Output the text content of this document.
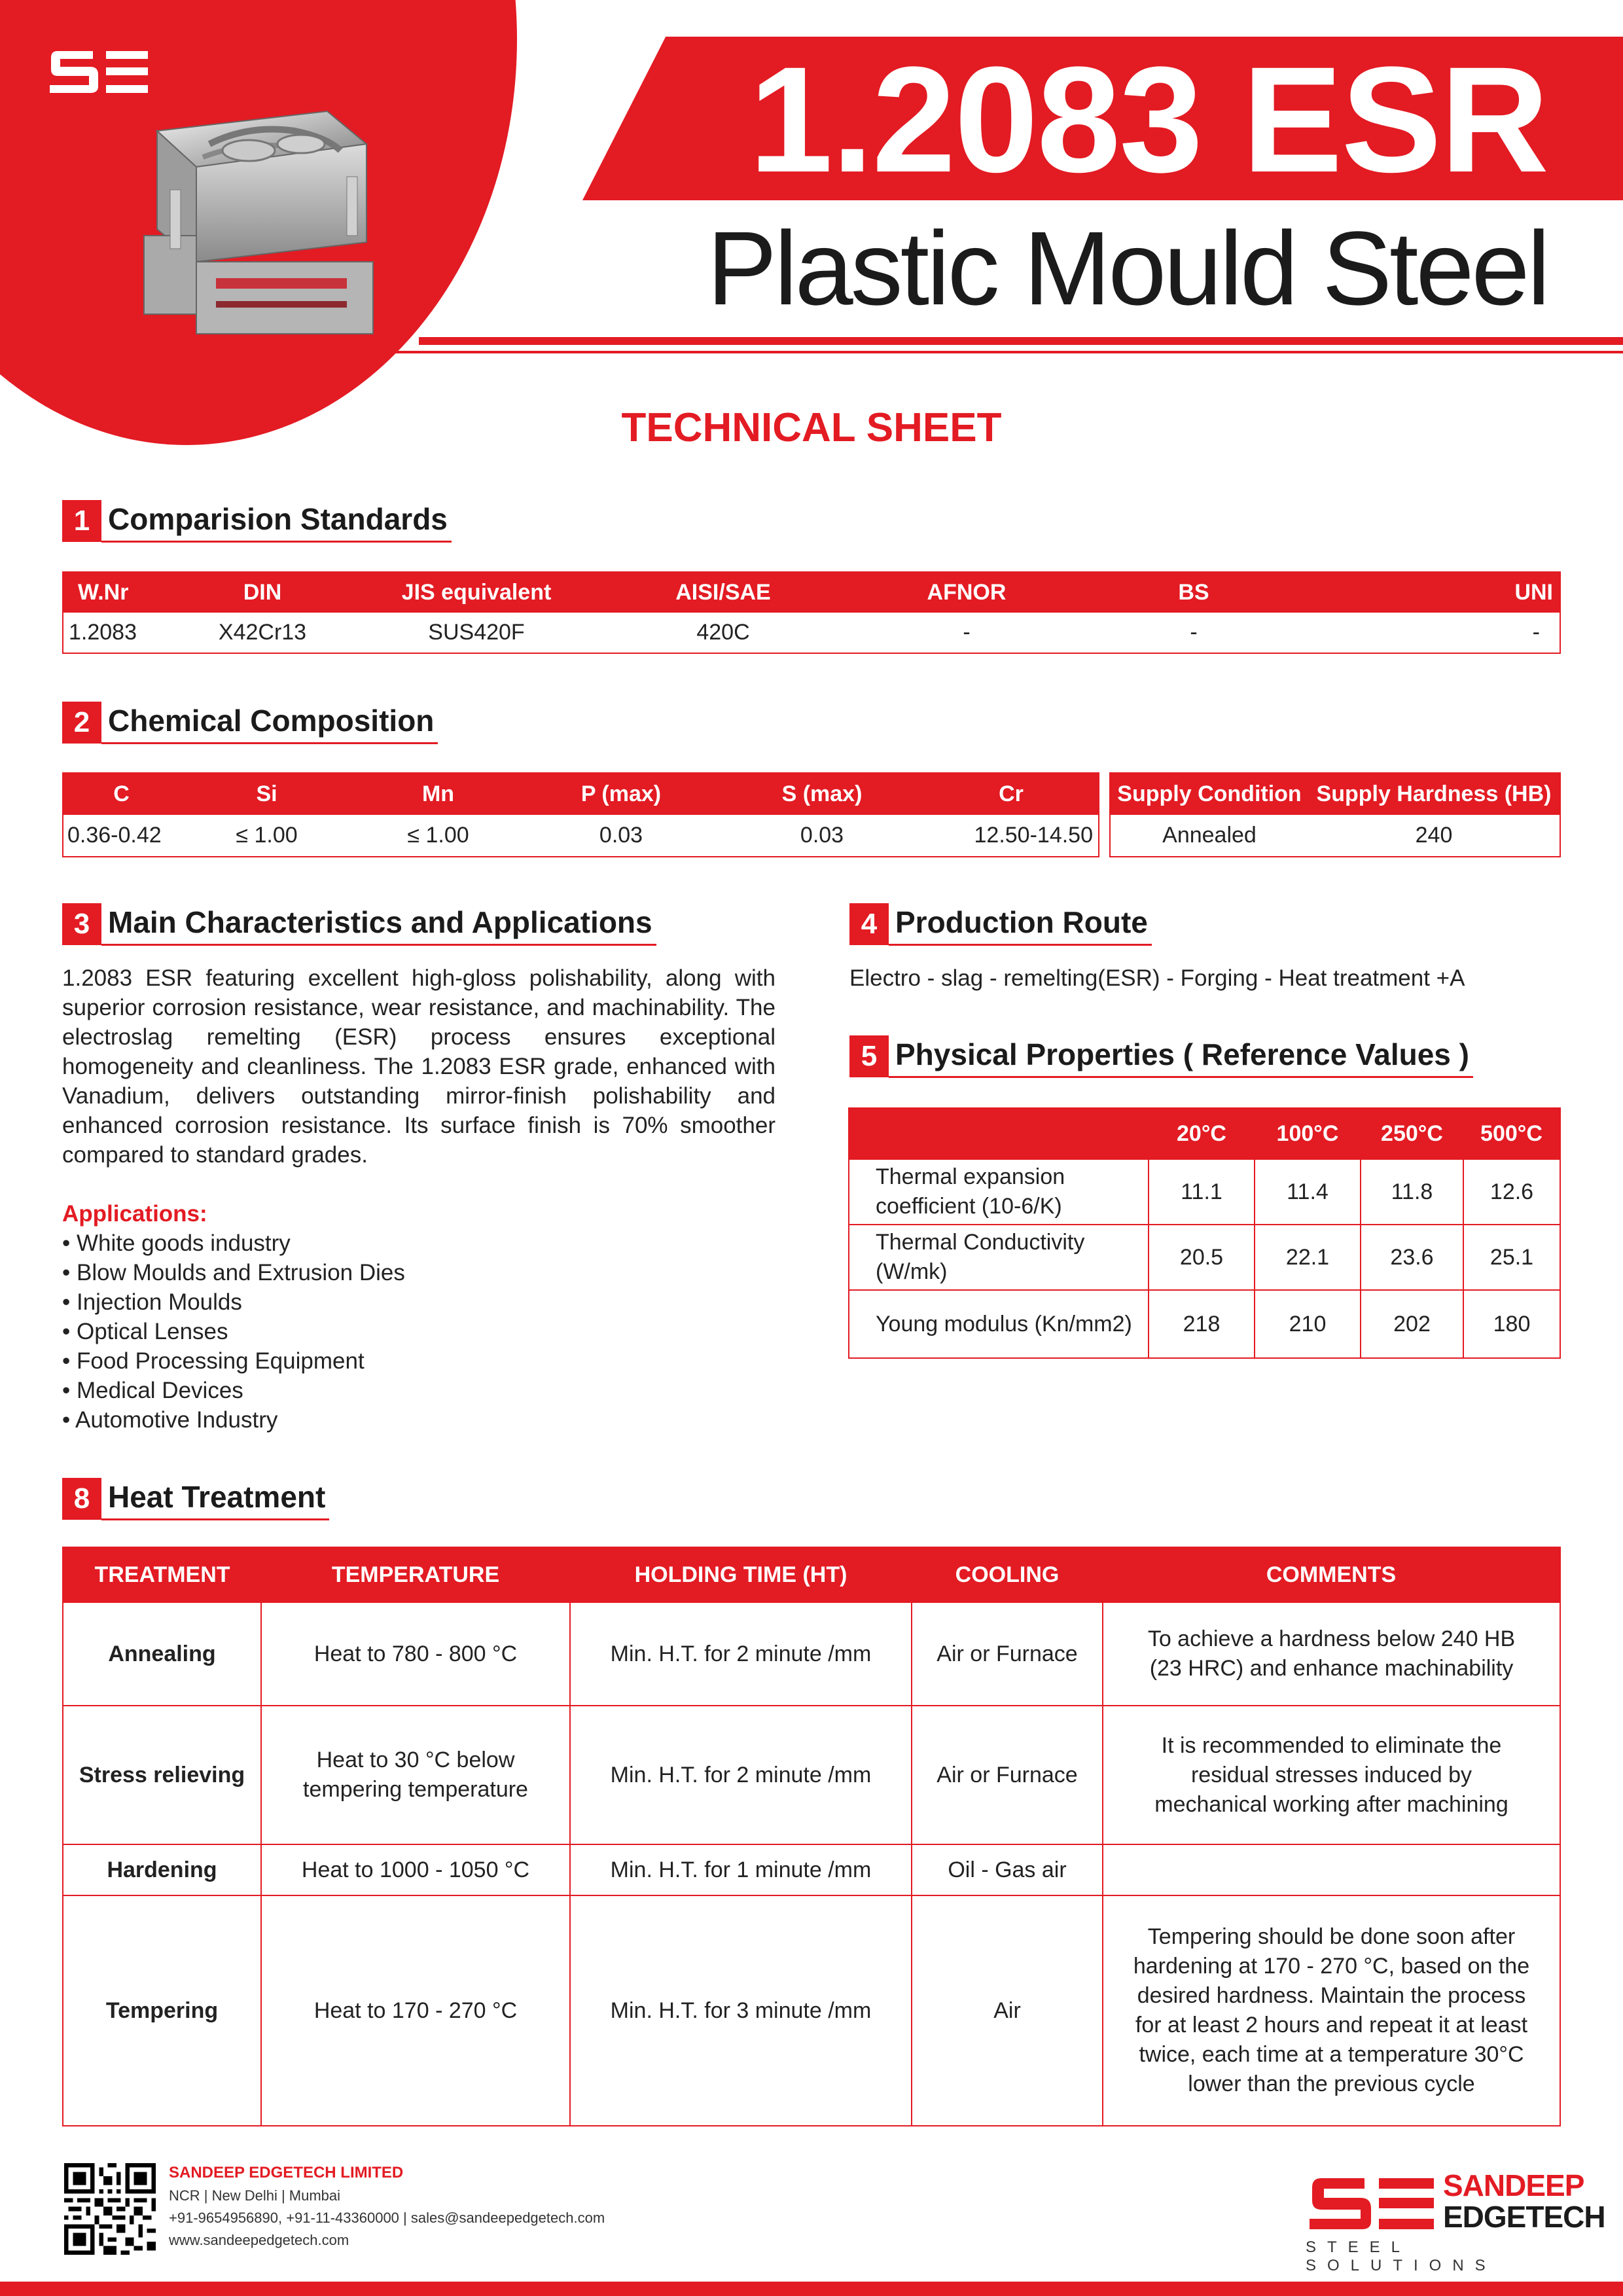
1.2083 ESR
Plastic Mould Steel
TECHNICAL SHEET
1 Comparision Standards
W.Nr	DIN	JIS equivalent	AISI/SAE	AFNOR	BS	UNI
1.2083	X42Cr13	SUS420F	420C	-	-	-
2 Chemical Composition
C	Si	Mn	P (max)	S (max)	Cr
0.36-0.42	≤ 1.00	≤ 1.00	0.03	0.03	12.50-14.50
Supply Condition	Supply Hardness (HB)
Annealed	240
3 Main Characteristics and Applications
1.2083 ESR featuring excellent high-gloss polishability, along with superior corrosion resistance, wear resistance, and machinability. The electroslag remelting (ESR) process ensures exceptional homogeneity and cleanliness. The 1.2083 ESR grade, enhanced with Vanadium, delivers outstanding mirror-finish polishability and enhanced corrosion resistance. Its surface finish is 70% smoother compared to standard grades.
Applications:
• White goods industry
• Blow Moulds and Extrusion Dies
• Injection Moulds
• Optical Lenses
• Food Processing Equipment
• Medical Devices
• Automotive Industry
4 Production Route
Electro - slag - remelting(ESR) - Forging - Heat treatment +A
5 Physical Properties ( Reference Values )
	20°C	100°C	250°C	500°C
Thermal expansion coefficient (10-6/K)	11.1	11.4	11.8	12.6
Thermal Conductivity (W/mk)	20.5	22.1	23.6	25.1
Young modulus (Kn/mm2)	218	210	202	180
8 Heat Treatment
TREATMENT	TEMPERATURE	HOLDING TIME (HT)	COOLING	COMMENTS
Annealing	Heat to 780 - 800 °C	Min. H.T. for 2 minute /mm	Air or Furnace	To achieve a hardness below 240 HB (23 HRC) and enhance machinability
Stress relieving	Heat to 30 °C below tempering temperature	Min. H.T. for 2 minute /mm	Air or Furnace	It is recommended to eliminate the residual stresses induced by mechanical working after machining
Hardening	Heat to 1000 - 1050 °C	Min. H.T. for 1 minute /mm	Oil - Gas air	
Tempering	Heat to 170 - 270 °C	Min. H.T. for 3 minute /mm	Air	Tempering should be done soon after hardening at 170 - 270 °C, based on the desired hardness. Maintain the process for at least 2 hours and repeat it at least twice, each time at a temperature 30°C lower than the previous cycle
SANDEEP EDGETECH LIMITED
NCR | New Delhi | Mumbai
+91-9654956890, +91-11-43360000 | sales@sandeepedgetech.com
www.sandeepedgetech.com
SANDEEP
EDGETECH
STEEL SOLUTIONS
